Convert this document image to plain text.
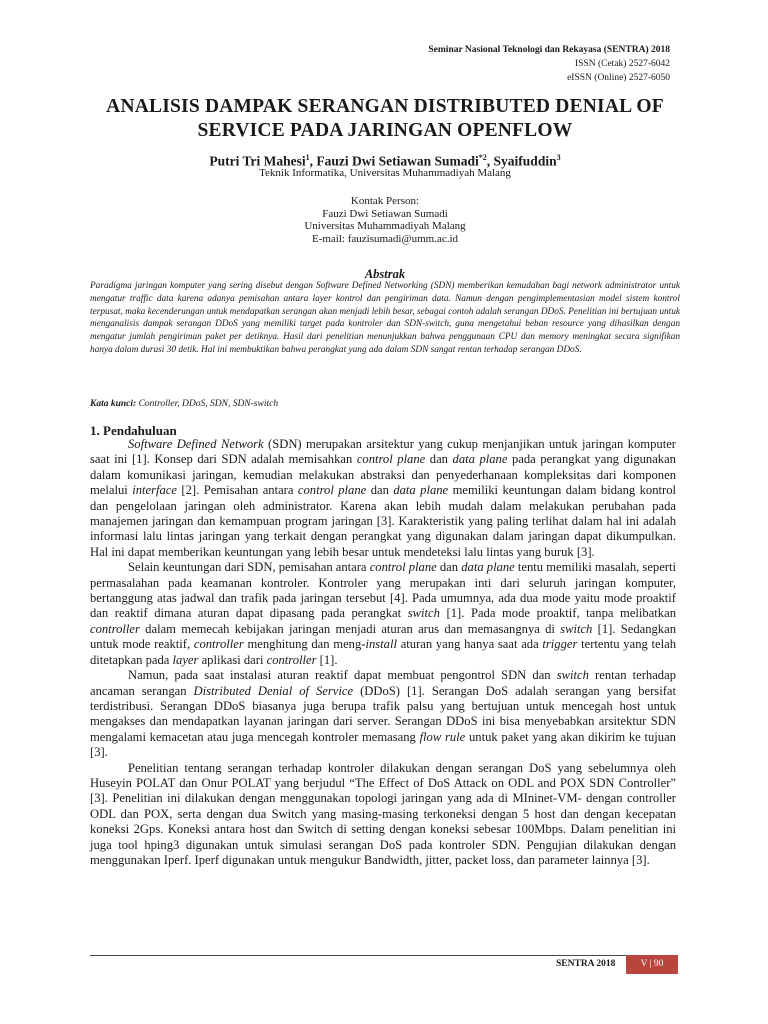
Seminar Nasional Teknologi dan Rekayasa (SENTRA) 2018
ISSN (Cetak) 2527-6042
eISSN (Online) 2527-6050
ANALISIS DAMPAK SERANGAN DISTRIBUTED DENIAL OF
SERVICE PADA JARINGAN OPENFLOW
Putri Tri Mahesi$^1$, Fauzi Dwi Setiawan Sumadi$^{*2}$, Syaifuddin$^3$
Teknik Informatika, Universitas Muhammadiyah Malang
Kontak Person:
Fauzi Dwi Setiawan Sumadi
Universitas Muhammadiyah Malang
E-mail: fauzisumadi@umm.ac.id
Abstrak
Paradigma jaringan komputer yang sering disebut dengan Software Defined Networking (SDN) memberikan kemudahan bagi network administrator untuk mengatur traffic data karena adanya pemisahan antara layer kontrol dan pengiriman data. Namun dengan pengimplementasian model sistem kontrol terpusat, maka kecenderungan untuk mendapatkan serangan akan menjadi lebih besar, sebagai contoh adalah serangan DDoS. Penelitian ini bertujuan untuk menganalisis dampak serangan DDoS yang memiliki target pada kontroler dan SDN-switch, guna mengetahui beban resource yang dihasilkan dengan mengatur jumlah pengiriman paket per detiknya. Hasil dari penelitian menunjukkan bahwa penggunaan CPU dan memory meningkat secara signifikan hanya dalam durasi 30 detik. Hal ini membuktikan bahwa perangkat yang ada dalam SDN sangat rentan terhadap serangan DDoS.
Kata kunci: Controller, DDoS, SDN, SDN-switch
1. Pendahuluan

Software Defined Network (SDN) merupakan arsitektur yang cukup menjanjikan untuk jaringan komputer saat ini [1]. Konsep dari SDN adalah memisahkan control plane dan data plane pada perangkat yang digunakan dalam komunikasi jaringan, kemudian melakukan abstraksi dan penyederhanaan kompleksitas dari komponen melalui interface [2]. Pemisahan antara control plane dan data plane memiliki keuntungan dalam bidang kontrol dan pengelolaan jaringan oleh administrator. Karena akan lebih mudah dalam melakukan perubahan pada manajemen jaringan dan kemampuan program jaringan [3]. Karakteristik yang paling terlihat dalam hal ini adalah informasi lalu lintas jaringan yang terkait dengan perangkat yang digunakan dalam jaringan dapat dikumpulkan. Hal ini dapat memberikan keuntungan yang lebih besar untuk mendeteksi lalu lintas yang buruk [3].

Selain keuntungan dari SDN, pemisahan antara control plane dan data plane tentu memiliki masalah, seperti permasalahan pada keamanan kontroler. Kontroler yang merupakan inti dari seluruh jaringan komputer, bertanggung atas jadwal dan trafik pada jaringan tersebut [4]. Pada umumnya, ada dua mode yaitu mode proaktif dan reaktif dimana aturan dapat dipasang pada perangkat switch [1]. Pada mode proaktif, tanpa melibatkan controller dalam memecah kebijakan jaringan menjadi aturan arus dan memasangnya di switch [1]. Sedangkan untuk mode reaktif, controller menghitung dan meng-install aturan yang hanya saat ada trigger tertentu yang telah ditetapkan pada layer aplikasi dari controller [1].

Namun, pada saat instalasi aturan reaktif dapat membuat pengontrol SDN dan switch rentan terhadap ancaman serangan Distributed Denial of Service (DDoS) [1]. Serangan DoS adalah serangan yang bersifat terdistribusi. Serangan DDoS biasanya juga berupa trafik palsu yang bertujuan untuk mencegah host untuk mengakses dan mendapatkan layanan jaringan dari server. Serangan DDoS ini bisa menyebabkan arsitektur SDN mengalami kemacetan atau juga mencegah kontroler memasang flow rule untuk paket yang akan dikirim ke tujuan [3].

Penelitian tentang serangan terhadap kontroler dilakukan dengan serangan DoS yang sebelumnya oleh Huseyin POLAT dan Onur POLAT yang berjudul “The Effect of DoS Attack on ODL and POX SDN Controller” [3]. Penelitian ini dilakukan dengan menggunakan topologi jaringan yang ada di MIninet-VM- dengan controller ODL dan POX, serta dengan dua Switch yang masing-masing terkoneksi dengan 5 host dan dengan kecepatan koneksi 2Gps. Koneksi antara host dan Switch di setting dengan koneksi sebesar 100Mbps. Dalam penelitian ini juga tool hping3 digunakan untuk simulasi serangan DoS pada kontroler SDN. Pengujian dilakukan dengan menggunakan Iperf. Iperf digunakan untuk mengukur Bandwidth, jitter, packet loss, dan parameter lainnya [3].

SENTRA 2018	V | 90
